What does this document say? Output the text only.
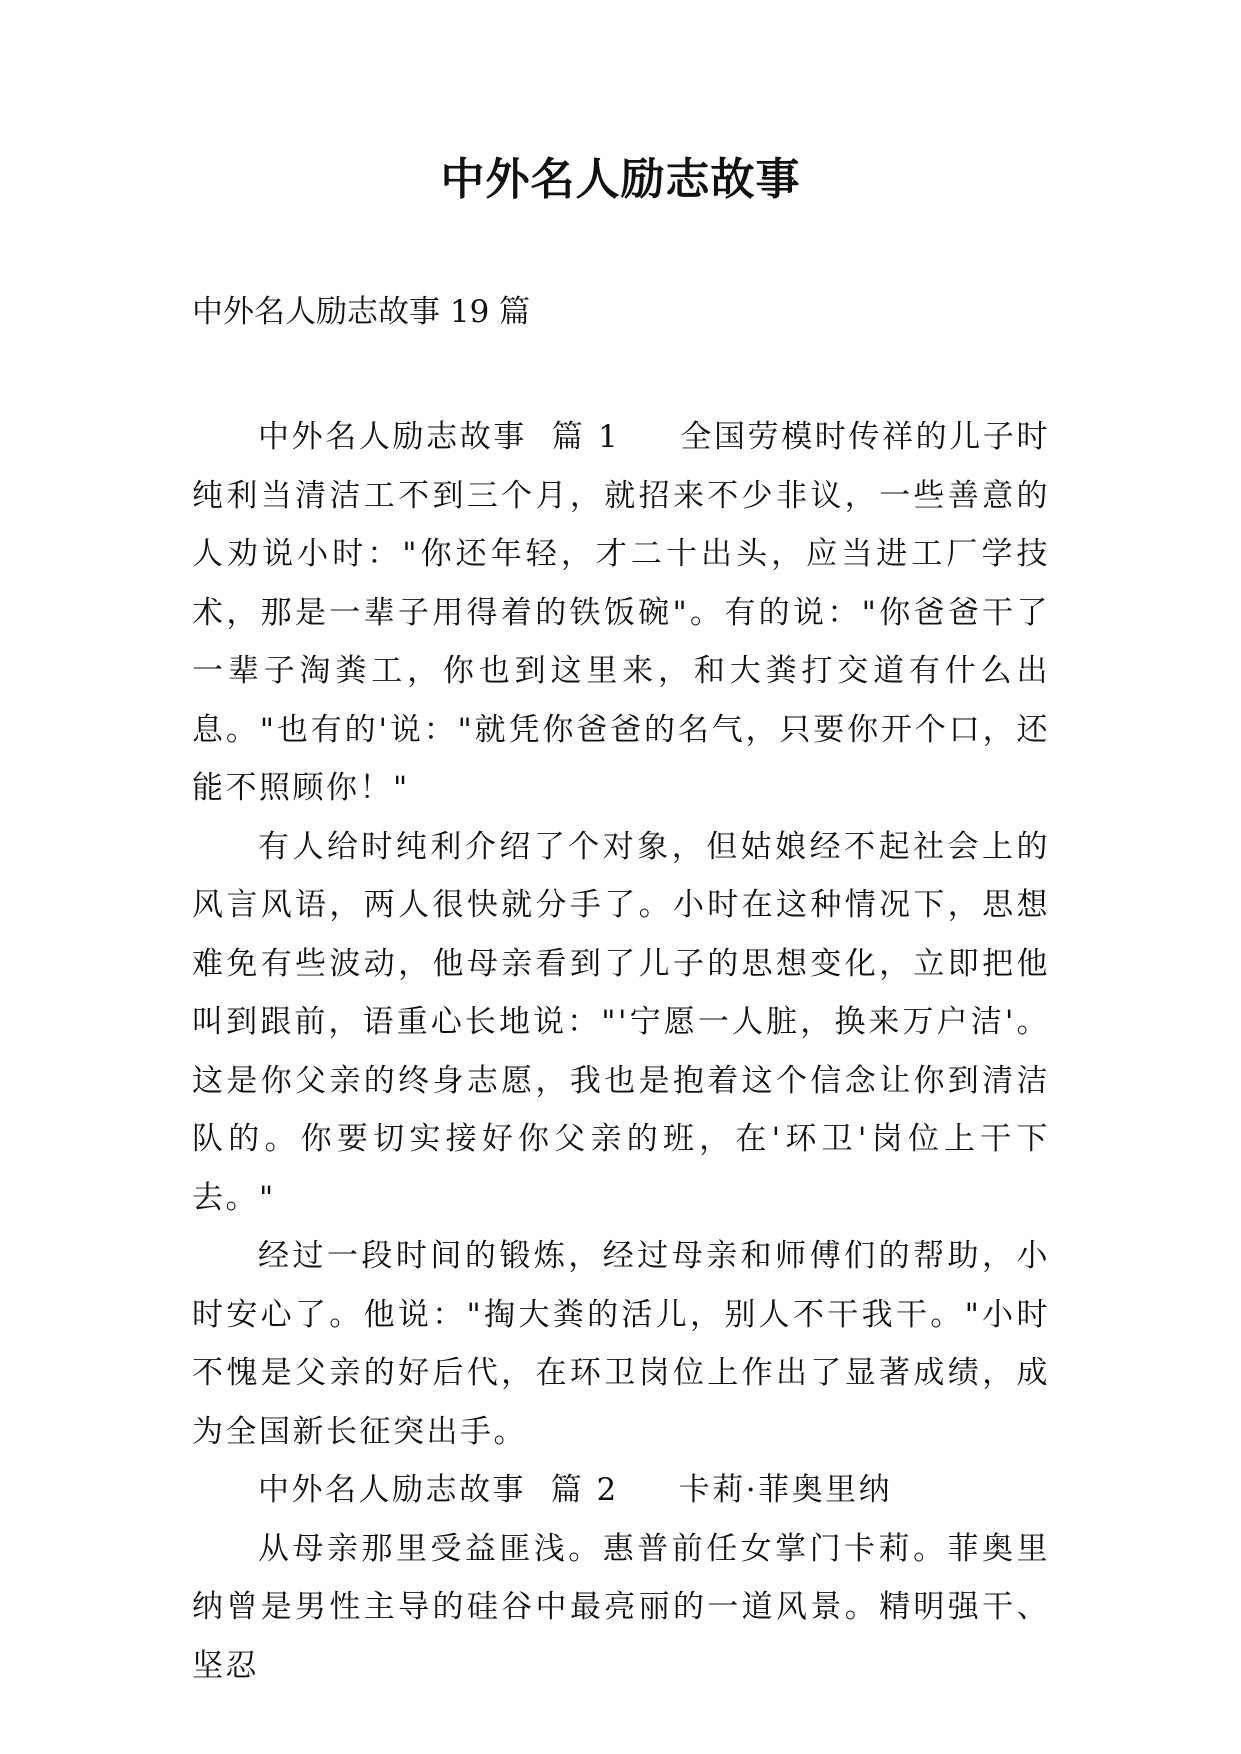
中外名人励志故事
中外名人励志故事 19 篇

中外名人励志故事  篇 1 全国劳模时传祥的儿子时纯利当清洁工不到三个月，就招来不少非议，一些善意的人劝说小时："你还年轻，才二十出头，应当进工厂学技术，那是一辈子用得着的铁饭碗"。有的说："你爸爸干了一辈子淘粪工，你也到这里来，和大粪打交道有什么出息。"也有的'说："就凭你爸爸的名气，只要你开个口，还能不照顾你！"

有人给时纯利介绍了个对象，但姑娘经不起社会上的风言风语，两人很快就分手了。小时在这种情况下，思想难免有些波动，他母亲看到了儿子的思想变化，立即把他叫到跟前，语重心长地说："'宁愿一人脏，换来万户洁'。这是你父亲的终身志愿，我也是抱着这个信念让你到清洁队的。你要切实接好你父亲的班，在'环卫'岗位上干下去。"

经过一段时间的锻炼，经过母亲和师傅们的帮助，小时安心了。他说："掏大粪的活儿，别人不干我干。"小时不愧是父亲的好后代，在环卫岗位上作出了显著成绩，成为全国新长征突出手。

中外名人励志故事  篇 2 卡莉·菲奥里纳

从母亲那里受益匪浅。惠普前任女掌门卡莉。菲奥里纳曾是男性主导的硅谷中最亮丽的一道风景。精明强干、坚忍
